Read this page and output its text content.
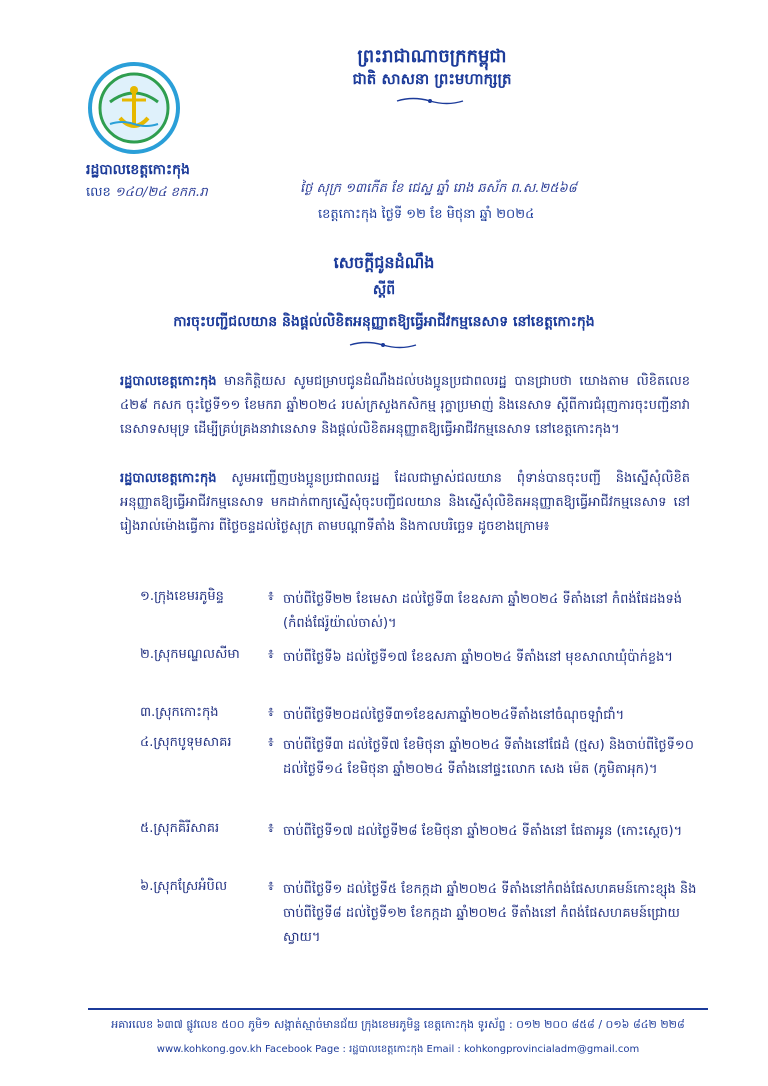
ព្រះរាជាណាចក្រកម្ពុជា
ជាតិ សាសនា ព្រះមហាក្សត្រ
រដ្ឋបាលខេត្តកោះកុង
លេខ ១៤០/២៤ ខកក.រា	ថ្ងៃ សុក្រ ១៣កើត ខែ ជេស្ឋ ឆ្នាំ រោង ឆស័ក ព.ស.២៥៦៨
ខេត្តកោះកុង ថ្ងៃទី ១២ ខែ មិថុនា ឆ្នាំ ២០២៤
សេចក្តីជូនដំណឹង
ស្តីពី
ការចុះបញ្ជីជលយាន និងផ្តល់លិខិតអនុញ្ញាតឱ្យធ្វើអាជីវកម្មនេសាទ នៅខេត្តកោះកុង
រដ្ឋបាលខេត្តកោះកុង មានកិត្តិយស សូមជម្រាបជូនដំណឹងដល់បងប្អូនប្រជាពលរដ្ឋ បានជ្រាបថា យោងតាម លិខិតលេខ ៤២៩ កសក ចុះថ្ងៃទី១១ ខែមករា ឆ្នាំ២០២៤ របស់ក្រសួងកសិកម្ម រុក្ខាប្រមាញ់ និងនេសាទ ស្តីពីការជំរុញការចុះបញ្ជីនាវានេសាទសមុទ្រ ដើម្បីគ្រប់គ្រងនាវានេសាទ និងផ្តល់លិខិតអនុញ្ញាតឱ្យធ្វើអាជីវកម្មនេសាទ នៅខេត្តកោះកុង។
រដ្ឋបាលខេត្តកោះកុង សូមអញ្ជើញបងប្អូនប្រជាពលរដ្ឋ ដែលជាម្ចាស់ជលយាន ពុំទាន់បានចុះបញ្ជី និងស្នើសុំលិខិតអនុញ្ញាតឱ្យធ្វើអាជីវកម្មនេសាទ មកដាក់ពាក្យស្នើសុំចុះបញ្ជីជលយាន និងស្នើសុំលិខិតអនុញ្ញាតឱ្យធ្វើអាជីវកម្មនេសាទ នៅរៀងរាល់ម៉ោងធ្វើការ ពីថ្ងៃចន្ទដល់ថ្ងៃសុក្រ តាមបណ្តាទីតាំង និងកាលបរិច្ឆេទ ដូចខាងក្រោម៖
១.ក្រុងខេមរភូមិន្ទ	៖ ចាប់ពីថ្ងៃទី២២ ខែមេសា ដល់ថ្ងៃទី៣ ខែឧសភា ឆ្នាំ២០២៤ ទីតាំងនៅ កំពង់ផែដងទង់ (កំពង់ផែរ៉ូយ៉ាល់ចាស់)។
២.ស្រុកមណ្ឌលសីមា	៖ ចាប់ពីថ្ងៃទី៦ ដល់ថ្ងៃទី១៧ ខែឧសភា ឆ្នាំ២០២៤ ទីតាំងនៅ មុខសាលាឃុំប៉ាក់ខ្លង។
៣.ស្រុកកោះកុង	៖ ចាប់ពីថ្ងៃទី២០ដល់ថ្ងៃទី៣១ខែឧសភាឆ្នាំ២០២៤ទីតាំងនៅចំណុចឡាំជាំ។
៤.ស្រុកបូទុមសាគរ	៖ ចាប់ពីថ្ងៃទី៣ ដល់ថ្ងៃទី៧ ខែមិថុនា ឆ្នាំ២០២៤ ទីតាំងនៅផែដំ (ថ្មស) និងចាប់ពីថ្ងៃទី១០ ដល់ថ្ងៃទី១៤ ខែមិថុនា ឆ្នាំ២០២៤ ទីតាំងនៅផ្ទះលោក សេង ម៉េត (ភូមិតាអុក)។
៥.ស្រុកគិរីសាគរ	៖ ចាប់ពីថ្ងៃទី១៧ ដល់ថ្ងៃទី២៨ ខែមិថុនា ឆ្នាំ២០២៤ ទីតាំងនៅ ផែតាអូន (កោះស្តេច)។
៦.ស្រុកស្រែអំបិល	៖ ចាប់ពីថ្ងៃទី១ ដល់ថ្ងៃទី៥ ខែកក្កដា ឆ្នាំ២០២៤ ទីតាំងនៅកំពង់ផែសហគមន៍កោះខ្សុង និងចាប់ពីថ្ងៃទី៨ ដល់ថ្ងៃទី១២ ខែកក្កដា ឆ្នាំ២០២៤ ទីតាំងនៅ កំពង់ផែសហគមន៍ជ្រោយស្វាយ។
អគារលេខ ៦៣៧ ផ្លូវលេខ ៥០០ ភូមិ១ សង្កាត់ស្មាច់មានជ័យ ក្រុងខេមរភូមិន្ទ ខេត្តកោះកុង ទូរស័ព្ទ : ០១២ ២០០ ៨៥៨ / ០១៦ ៨៤២ ២២៨
www.kohkong.gov.kh Facebook Page : រដ្ឋបាលខេត្តកោះកុង Email : kohkongprovincialadm@gmail.com
